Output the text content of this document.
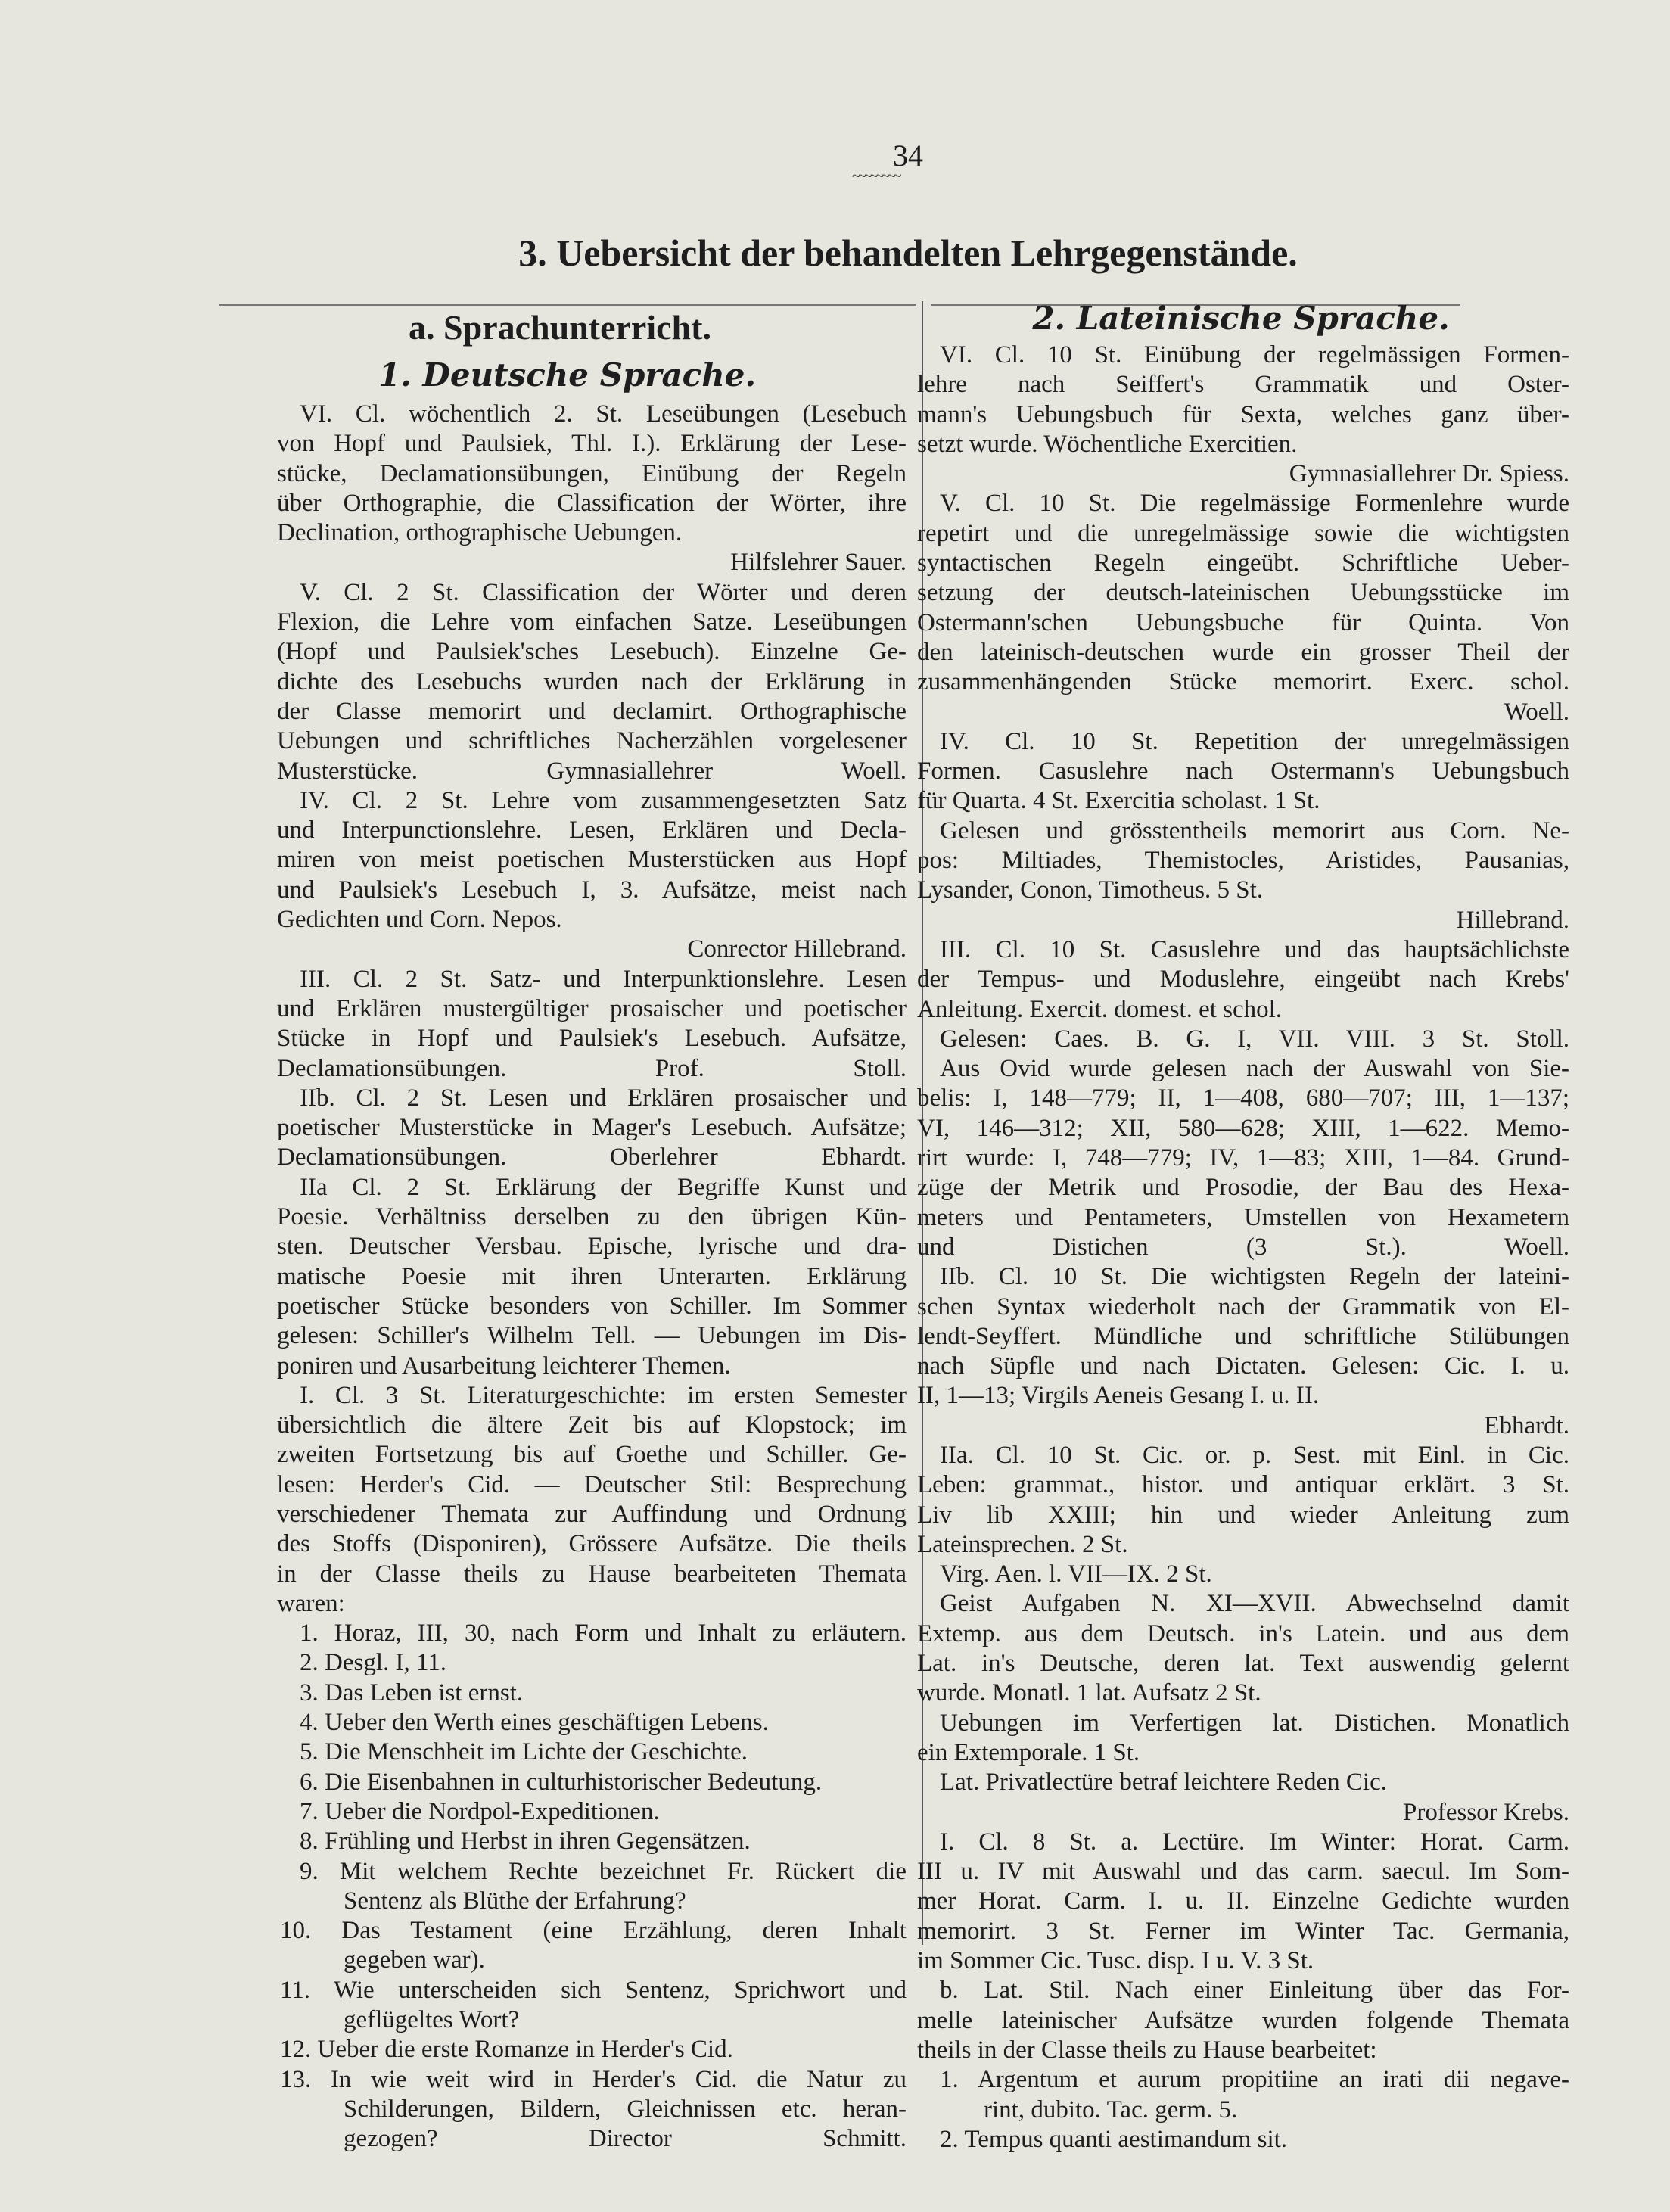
34
~~~~~~~~
3. Uebersicht der behandelten Lehrgegenstände.
a. Sprachunterricht.
1. Deutsche Sprache.
2. Lateinische Sprache.
VI. Cl. wöchentlich 2. St. Leseübungen (Lesebuch
von Hopf und Paulsiek, Thl. I.). Erklärung der Lese-
stücke, Declamationsübungen, Einübung der Regeln
über Orthographie, die Classification der Wörter, ihre
Declination, orthographische Uebungen.
Hilfslehrer Sauer.
V. Cl. 2 St. Classification der Wörter und deren
Flexion, die Lehre vom einfachen Satze. Leseübungen
(Hopf und Paulsiek'sches Lesebuch). Einzelne Ge-
dichte des Lesebuchs wurden nach der Erklärung in
der Classe memorirt und declamirt. Orthographische
Uebungen und schriftliches Nacherzählen vorgelesener
Musterstücke. Gymnasiallehrer Woell.
IV. Cl. 2 St. Lehre vom zusammengesetzten Satz
und Interpunctionslehre. Lesen, Erklären und Decla-
miren von meist poetischen Musterstücken aus Hopf
und Paulsiek's Lesebuch I, 3. Aufsätze, meist nach
Gedichten und Corn. Nepos.
Conrector Hillebrand.
III. Cl. 2 St. Satz- und Interpunktionslehre. Lesen
und Erklären mustergültiger prosaischer und poetischer
Stücke in Hopf und Paulsiek's Lesebuch. Aufsätze,
Declamationsübungen. Prof. Stoll.
IIb. Cl. 2 St. Lesen und Erklären prosaischer und
poetischer Musterstücke in Mager's Lesebuch. Aufsätze;
Declamationsübungen. Oberlehrer Ebhardt.
IIa Cl. 2 St. Erklärung der Begriffe Kunst und
Poesie. Verhältniss derselben zu den übrigen Kün-
sten. Deutscher Versbau. Epische, lyrische und dra-
matische Poesie mit ihren Unterarten. Erklärung
poetischer Stücke besonders von Schiller. Im Sommer
gelesen: Schiller's Wilhelm Tell. — Uebungen im Dis-
poniren und Ausarbeitung leichterer Themen.
I. Cl. 3 St. Literaturgeschichte: im ersten Semester
übersichtlich die ältere Zeit bis auf Klopstock; im
zweiten Fortsetzung bis auf Goethe und Schiller. Ge-
lesen: Herder's Cid. — Deutscher Stil: Besprechung
verschiedener Themata zur Auffindung und Ordnung
des Stoffs (Disponiren), Grössere Aufsätze. Die theils
in der Classe theils zu Hause bearbeiteten Themata
waren:
1. Horaz, III, 30, nach Form und Inhalt zu erläutern.
2. Desgl. I, 11.
3. Das Leben ist ernst.
4. Ueber den Werth eines geschäftigen Lebens.
5. Die Menschheit im Lichte der Geschichte.
6. Die Eisenbahnen in culturhistorischer Bedeutung.
7. Ueber die Nordpol-Expeditionen.
8. Frühling und Herbst in ihren Gegensätzen.
9. Mit welchem Rechte bezeichnet Fr. Rückert die
Sentenz als Blüthe der Erfahrung?
10. Das Testament (eine Erzählung, deren Inhalt
gegeben war).
11. Wie unterscheiden sich Sentenz, Sprichwort und
geflügeltes Wort?
12. Ueber die erste Romanze in Herder's Cid.
13. In wie weit wird in Herder's Cid. die Natur zu
Schilderungen, Bildern, Gleichnissen etc. heran-
gezogen? Director Schmitt.
VI. Cl. 10 St. Einübung der regelmässigen Formen-
lehre nach Seiffert's Grammatik und Oster-
mann's Uebungsbuch für Sexta, welches ganz über-
setzt wurde. Wöchentliche Exercitien.
Gymnasiallehrer Dr. Spiess.
V. Cl. 10 St. Die regelmässige Formenlehre wurde
repetirt und die unregelmässige sowie die wichtigsten
syntactischen Regeln eingeübt. Schriftliche Ueber-
setzung der deutsch-lateinischen Uebungsstücke im
Ostermann'schen Uebungsbuche für Quinta. Von
den lateinisch-deutschen wurde ein grosser Theil der
zusammenhängenden Stücke memorirt. Exerc. schol.
Woell.
IV. Cl. 10 St. Repetition der unregelmässigen
Formen. Casuslehre nach Ostermann's Uebungsbuch
für Quarta. 4 St. Exercitia scholast. 1 St.
Gelesen und grösstentheils memorirt aus Corn. Ne-
pos: Miltiades, Themistocles, Aristides, Pausanias,
Lysander, Conon, Timotheus. 5 St.
Hillebrand.
III. Cl. 10 St. Casuslehre und das hauptsächlichste
der Tempus- und Moduslehre, eingeübt nach Krebs'
Anleitung. Exercit. domest. et schol.
Gelesen: Caes. B. G. I, VII. VIII. 3 St. Stoll.
Aus Ovid wurde gelesen nach der Auswahl von Sie-
belis: I, 148—779; II, 1—408, 680—707; III, 1—137;
VI, 146—312; XII, 580—628; XIII, 1—622. Memo-
rirt wurde: I, 748—779; IV, 1—83; XIII, 1—84. Grund-
züge der Metrik und Prosodie, der Bau des Hexa-
meters und Pentameters, Umstellen von Hexametern
und Distichen (3 St.). Woell.
IIb. Cl. 10 St. Die wichtigsten Regeln der lateini-
schen Syntax wiederholt nach der Grammatik von El-
lendt-Seyffert. Mündliche und schriftliche Stilübungen
nach Süpfle und nach Dictaten. Gelesen: Cic. I. u.
II, 1—13; Virgils Aeneis Gesang I. u. II.
Ebhardt.
IIa. Cl. 10 St. Cic. or. p. Sest. mit Einl. in Cic.
Leben: grammat., histor. und antiquar erklärt. 3 St.
Liv lib XXIII; hin und wieder Anleitung zum
Lateinsprechen. 2 St.
Virg. Aen. l. VII—IX. 2 St.
Geist Aufgaben N. XI—XVII. Abwechselnd damit
Extemp. aus dem Deutsch. in's Latein. und aus dem
Lat. in's Deutsche, deren lat. Text auswendig gelernt
wurde. Monatl. 1 lat. Aufsatz 2 St.
Uebungen im Verfertigen lat. Distichen. Monatlich
ein Extemporale. 1 St.
Lat. Privatlectüre betraf leichtere Reden Cic.
Professor Krebs.
I. Cl. 8 St. a. Lectüre. Im Winter: Horat. Carm.
III u. IV mit Auswahl und das carm. saecul. Im Som-
mer Horat. Carm. I. u. II. Einzelne Gedichte wurden
memorirt. 3 St. Ferner im Winter Tac. Germania,
im Sommer Cic. Tusc. disp. I u. V. 3 St.
b. Lat. Stil. Nach einer Einleitung über das For-
melle lateinischer Aufsätze wurden folgende Themata
theils in der Classe theils zu Hause bearbeitet:
1. Argentum et aurum propitiine an irati dii negave-
rint, dubito. Tac. germ. 5.
2. Tempus quanti aestimandum sit.
